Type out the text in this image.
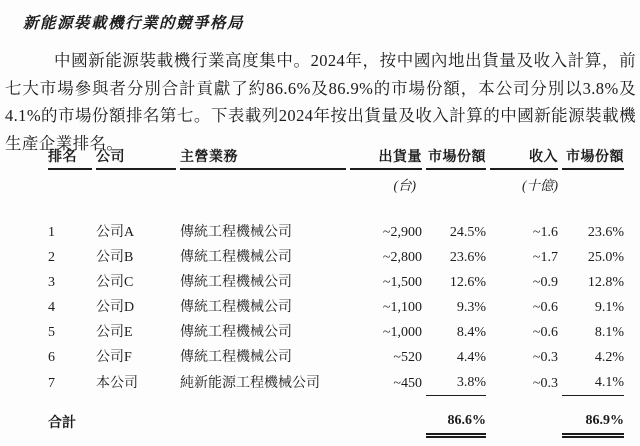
新能源裝載機行業的競爭格局

中國新能源裝載機行業高度集中。2024年，按中國內地出貨量及收入計算，前七大市場參與者分別合計貢獻了約86.6%及86.9%的市場份額，本公司分別以3.8%及4.1%的市場份額排名第七。下表載列2024年按出貨量及收入計算的中國新能源裝載機生產企業排名。

排名	公司	主營業務	出貨量	市場份額	收入	市場份額
			(台)		(十億)	

1	公司A	傳統工程機械公司	~2,900	24.5%	~1.6	23.6%
2	公司B	傳統工程機械公司	~2,800	23.6%	~1.7	25.0%
3	公司C	傳統工程機械公司	~1,500	12.6%	~0.9	12.8%
4	公司D	傳統工程機械公司	~1,100	9.3%	~0.6	9.1%
5	公司E	傳統工程機械公司	~1,000	8.4%	~0.6	8.1%
6	公司F	傳統工程機械公司	~520	4.4%	~0.3	4.2%
7	本公司	純新能源工程機械公司	~450	3.8%	~0.3	4.1%

合計				86.6%		86.9%
